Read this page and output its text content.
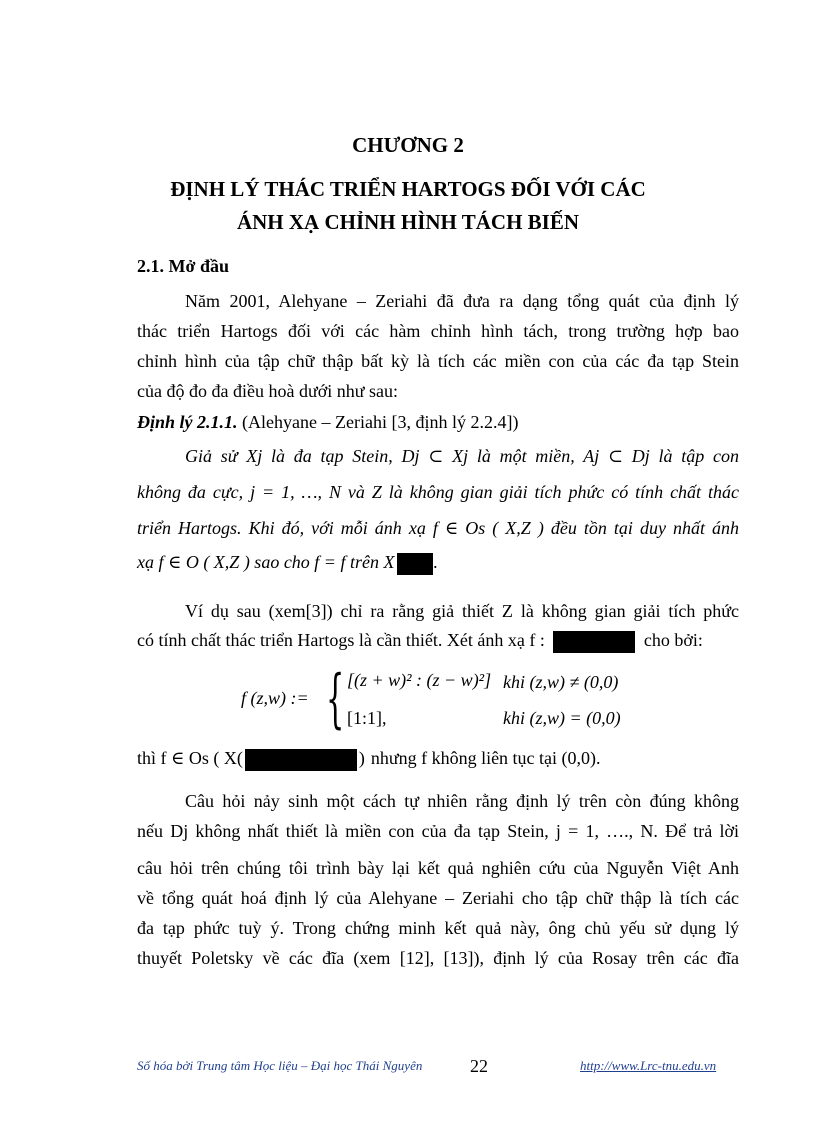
CHƯƠNG 2
ĐỊNH LÝ THÁC TRIỂN HARTOGS ĐỐI VỚI CÁC
ÁNH XẠ CHỈNH HÌNH TÁCH BIẾN
2.1. Mở đầu
Năm 2001, Alehyane – Zeriahi đã đưa ra dạng tổng quát của định lý
thác triển Hartogs đối với các hàm chỉnh hình tách, trong trường hợp bao
chỉnh hình của tập chữ thập bất kỳ là tích các miền con của các đa tạp Stein
của độ đo đa điều hoà dưới như sau:
Định lý 2.1.1. (Alehyane – Zeriahi [3, định lý 2.2.4])
Giả sử Xj là đa tạp Stein, Dj ⊂ Xj là một miền, Aj ⊂ Dj là tập con
không đa cực, j = 1, …, N và Z là không gian giải tích phức có tính chất thác
triển Hartogs. Khi đó, với mỗi ánh xạ f ∈ Os ( X,Z ) đều tồn tại duy nhất ánh
xạ f ∈ O ( X,Z ) sao cho f = f trên X .
Ví dụ sau (xem[3]) chỉ ra rằng giả thiết Z là không gian giải tích phức
có tính chất thác triển Hartogs là cần thiết. Xét ánh xạ f :	cho bởi:
f (z,w) := { [(z + w)² : (z − w)²] khi (z,w) ≠ (0,0)
[1:1],	khi (z,w) = (0,0)
thì f ∈ Os ( X(	) nhưng f không liên tục tại (0,0).
Câu hỏi nảy sinh một cách tự nhiên rằng định lý trên còn đúng không
nếu Dj không nhất thiết là miền con của đa tạp Stein, j = 1, …., N. Để trả lời
câu hỏi trên chúng tôi trình bày lại kết quả nghiên cứu của Nguyễn Việt Anh
về tổng quát hoá định lý của Alehyane – Zeriahi cho tập chữ thập là tích các
đa tạp phức tuỳ ý. Trong chứng minh kết quả này, ông chủ yếu sử dụng lý
thuyết Poletsky về các đĩa (xem [12], [13]), định lý của Rosay trên các đĩa
Số hóa bởi Trung tâm Học liệu – Đại học Thái Nguyên	22	http://www.Lrc-tnu.edu.vn
